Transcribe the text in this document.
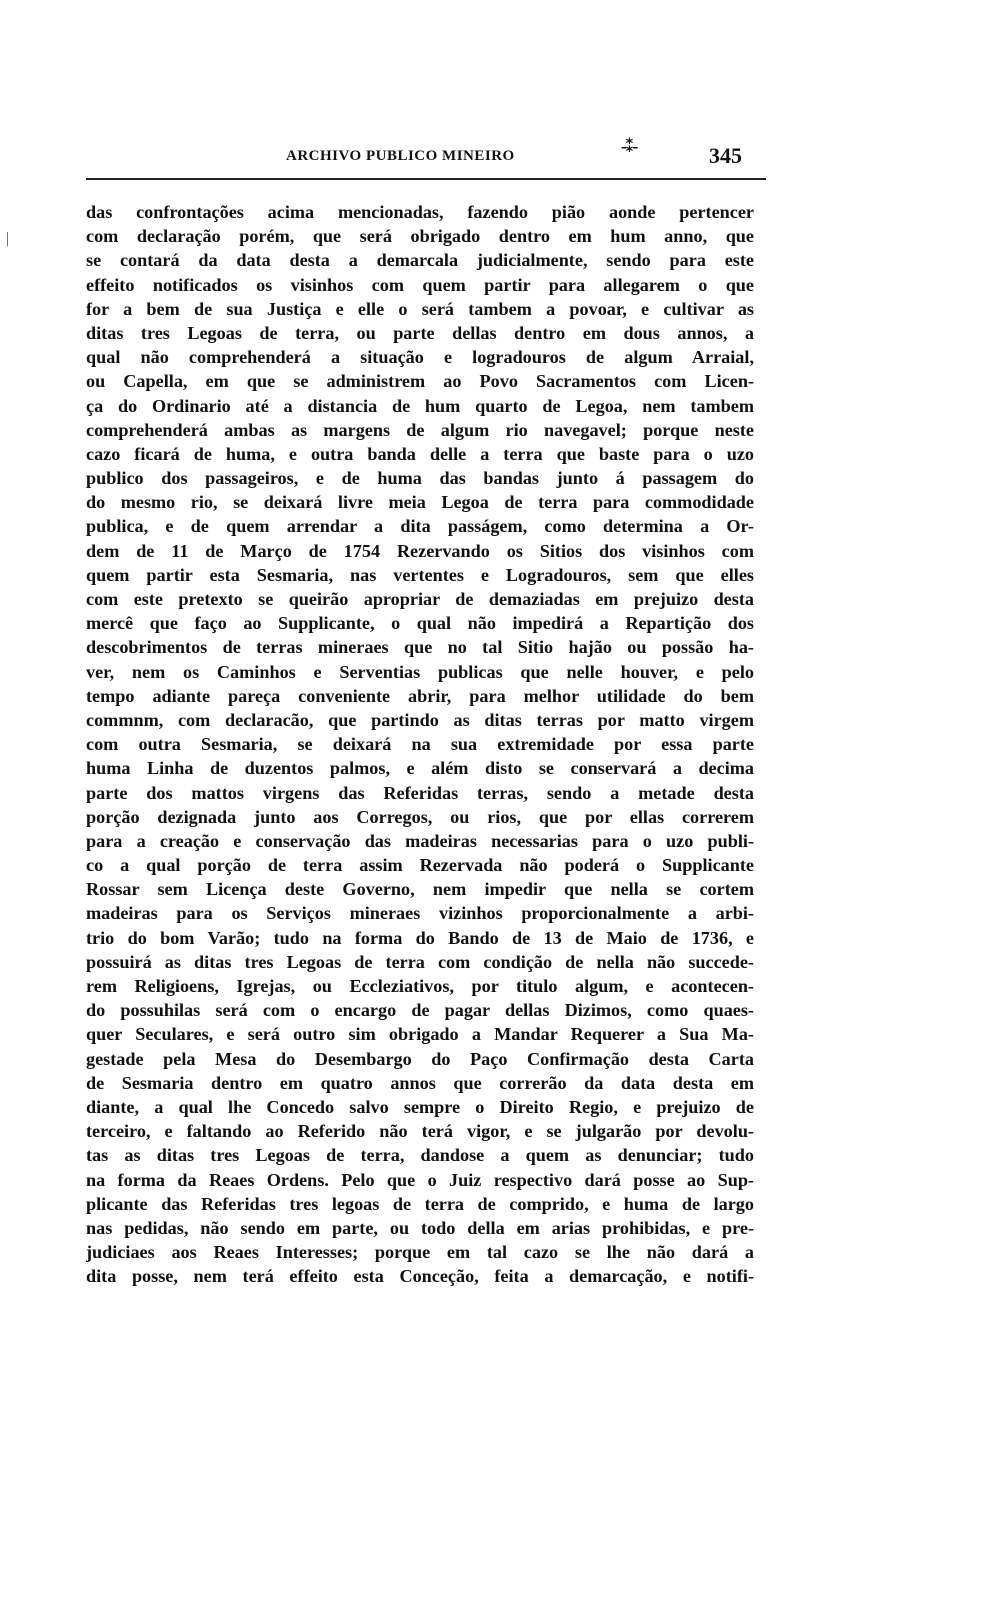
ARCHIVO PUBLICO MINEIRO	-⁑-	345
|
das confrontações acima mencionadas, fazendo pião aonde pertencer
com declaração porém, que será obrigado dentro em hum anno, que
se contará da data desta a demarcala judicialmente, sendo para este
effeito notificados os visinhos com quem partir para allegarem o que
for a bem de sua Justiça e elle o será tambem a povoar, e cultivar as
ditas tres Legoas de terra, ou parte dellas dentro em dous annos, a
qual não comprehenderá a situação e logradouros de algum Arraial,
ou Capella, em que se administrem ao Povo Sacramentos com Licen-
ça do Ordinario até a distancia de hum quarto de Legoa, nem tambem
comprehenderá ambas as margens de algum rio navegavel; porque neste
cazo ficará de huma, e outra banda delle a terra que baste para o uzo
publico dos passageiros, e de huma das bandas junto á passagem do
do mesmo rio, se deixará livre meia Legoa de terra para commodidade
publica, e de quem arrendar a dita passágem, como determina a Or-
dem de 11 de Março de 1754 Rezervando os Sitios dos visinhos com
quem partir esta Sesmaria, nas vertentes e Logradouros, sem que elles
com este pretexto se queirão apropriar de demaziadas em prejuizo desta
mercê que faço ao Supplicante, o qual não impedirá a Repartição dos
descobrimentos de terras mineraes que no tal Sitio hajão ou possão ha-
ver, nem os Caminhos e Serventias publicas que nelle houver, e pelo
tempo adiante pareça conveniente abrir, para melhor utilidade do bem
commnm, com declaracão, que partindo as ditas terras por matto virgem
com outra Sesmaria, se deixará na sua extremidade por essa parte
huma Linha de duzentos palmos, e além disto se conservará a decima
parte dos mattos virgens das Referidas terras, sendo a metade desta
porção dezignada junto aos Corregos, ou rios, que por ellas correrem
para a creação e conservação das madeiras necessarias para o uzo publi-
co a qual porção de terra assim Rezervada não poderá o Supplicante
Rossar sem Licença deste Governo, nem impedir que nella se cortem
madeiras para os Serviços mineraes vizinhos proporcionalmente a arbi-
trio do bom Varão; tudo na forma do Bando de 13 de Maio de 1736, e
possuirá as ditas tres Legoas de terra com condição de nella não succede-
rem Religioens, Igrejas, ou Eccleziativos, por titulo algum, e acontecen-
do possuhilas será com o encargo de pagar dellas Dizimos, como quaes-
quer Seculares, e será outro sim obrigado a Mandar Requerer a Sua Ma-
gestade pela Mesa do Desembargo do Paço Confirmação desta Carta
de Sesmaria dentro em quatro annos que correrão da data desta em
diante, a qual lhe Concedo salvo sempre o Direito Regio, e prejuizo de
terceiro, e faltando ao Referido não terá vigor, e se julgarão por devolu-
tas as ditas tres Legoas de terra, dandose a quem as denunciar; tudo
na forma da Reaes Ordens. Pelo que o Juiz respectivo dará posse ao Sup-
plicante das Referidas tres legoas de terra de comprido, e huma de largo
nas pedidas, não sendo em parte, ou todo della em arias prohibidas, e pre-
judiciaes aos Reaes Interesses; porque em tal cazo se lhe não dará a
dita posse, nem terá effeito esta Conceção, feita a demarcação, e notifi-
